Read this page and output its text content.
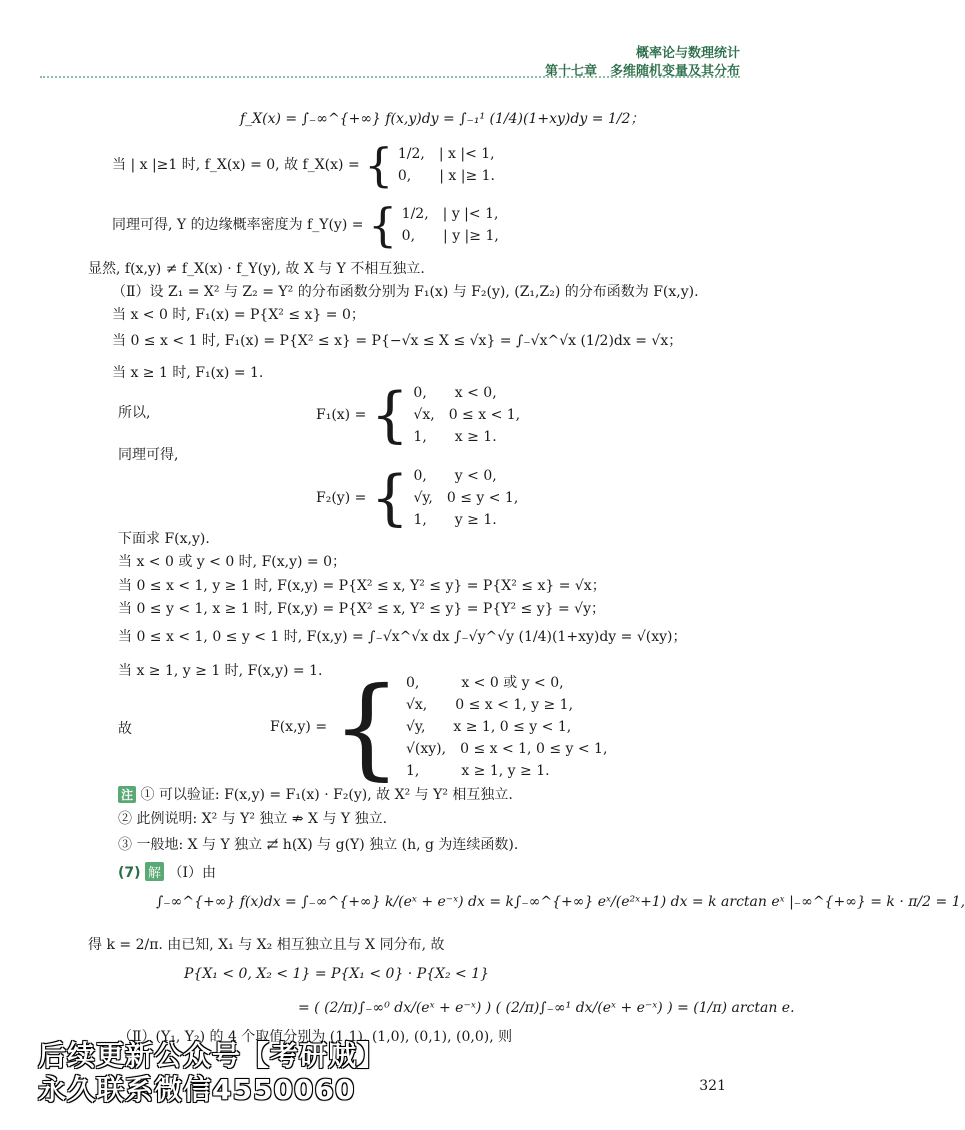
概率论与数理统计
第十七章　多维随机变量及其分布
f_X(x) = ∫₋∞^{+∞} f(x,y)dy = ∫₋₁¹ (1/4)(1+xy)dy = 1/2；
当 | x |≥1 时, f_X(x) = 0, 故 f_X(x) = { 1/2,　| x |< 1,
0,　　| x |≥ 1.
同理可得, Y 的边缘概率密度为 f_Y(y) = { 1/2,　| y |< 1,
0,　　| y |≥ 1,
显然, f(x,y) ≠ f_X(x) · f_Y(y), 故 X 与 Y 不相互独立.
（Ⅱ）设 Z₁ = X² 与 Z₂ = Y² 的分布函数分别为 F₁(x) 与 F₂(y), (Z₁,Z₂) 的分布函数为 F(x,y).
当 x < 0 时, F₁(x) = P{X² ≤ x} = 0；
当 0 ≤ x < 1 时, F₁(x) = P{X² ≤ x} = P{−√x ≤ X ≤ √x} = ∫₋√x^√x (1/2)dx = √x；
当 x ≥ 1 时, F₁(x) = 1.
所以,	F₁(x) = { 0,　　x < 0,
√x,　0 ≤ x < 1,
1,　　x ≥ 1.
同理可得,
F₂(y) = { 0,　　y < 0,
√y,　0 ≤ y < 1,
1,　　y ≥ 1.
下面求 F(x,y).
当 x < 0 或 y < 0 时, F(x,y) = 0；
当 0 ≤ x < 1, y ≥ 1 时, F(x,y) = P{X² ≤ x, Y² ≤ y} = P{X² ≤ x} = √x；
当 0 ≤ y < 1, x ≥ 1 时, F(x,y) = P{X² ≤ x, Y² ≤ y} = P{Y² ≤ y} = √y；
当 0 ≤ x < 1, 0 ≤ y < 1 时, F(x,y) = ∫₋√x^√x dx ∫₋√y^√y (1/4)(1+xy)dy = √(xy)；
当 x ≥ 1, y ≥ 1 时, F(x,y) = 1.
故	F(x,y) = { 0,　　　x < 0 或 y < 0,
√x,　　0 ≤ x < 1, y ≥ 1,
√y,　　x ≥ 1, 0 ≤ y < 1,
√(xy),　0 ≤ x < 1, 0 ≤ y < 1,
1,　　　x ≥ 1, y ≥ 1.
注 ① 可以验证: F(x,y) = F₁(x) · F₂(y), 故 X² 与 Y² 相互独立.
② 此例说明: X² 与 Y² 独立 ⇏ X 与 Y 独立.
③ 一般地: X 与 Y 独立 ⇄̸ h(X) 与 g(Y) 独立 (h, g 为连续函数).
(7) 解 （Ⅰ）由
∫₋∞^{+∞} f(x)dx = ∫₋∞^{+∞} k/(eˣ + e⁻ˣ) dx = k∫₋∞^{+∞} eˣ/(e²ˣ+1) dx = k arctan eˣ |₋∞^{+∞} = k · π/2 = 1,
得 k = 2/π. 由已知, X₁ 与 X₂ 相互独立且与 X 同分布, 故
P{X₁ < 0, X₂ < 1} = P{X₁ < 0} · P{X₂ < 1}
= ( (2/π)∫₋∞⁰ dx/(eˣ + e⁻ˣ) ) ( (2/π)∫₋∞¹ dx/(eˣ + e⁻ˣ) ) = (1/π) arctan e.
（Ⅱ）(Y₁, Y₂) 的 4 个取值分别为 (1,1), (1,0), (0,1), (0,0), 则
后续更新公众号【考研贼】
永久联系微信4550060	321
